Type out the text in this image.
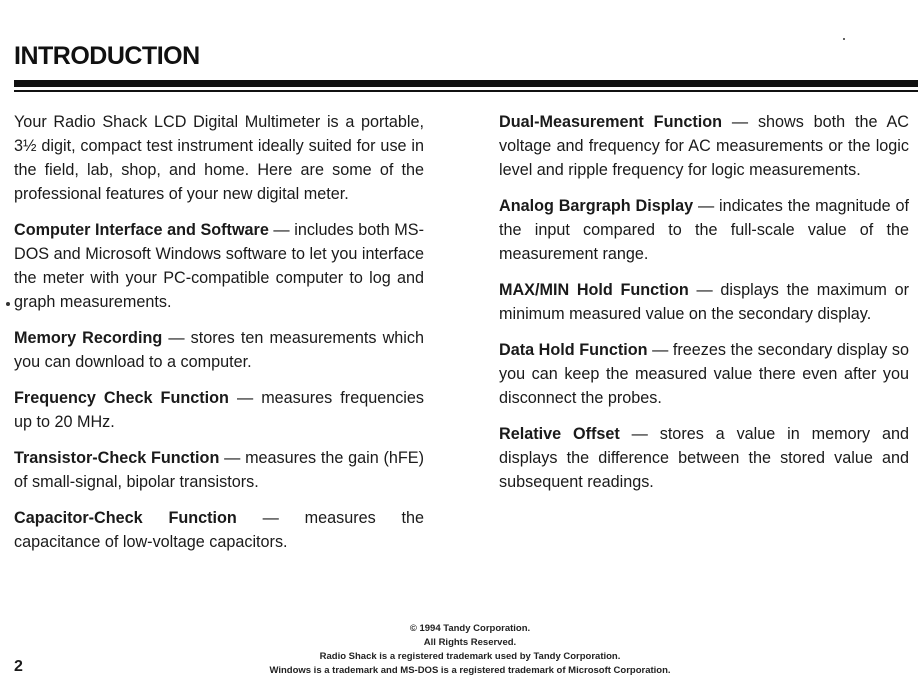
INTRODUCTION

Your Radio Shack LCD Digital Multimeter is a portable, 3½ digit, compact test instrument ideally suited for use in the field, lab, shop, and home. Here are some of the professional features of your new digital meter.

Computer Interface and Software — includes both MS-DOS and Microsoft Windows software to let you interface the meter with your PC-compatible computer to log and graph measurements.

Memory Recording — stores ten measurements which you can download to a computer.

Frequency Check Function — measures frequencies up to 20 MHz.

Transistor-Check Function — measures the gain (hFE) of small-signal, bipolar transistors.

Capacitor-Check Function — measures the capacitance of low-voltage capacitors.

Dual-Measurement Function — shows both the AC voltage and frequency for AC measurements or the logic level and ripple frequency for logic measurements.

Analog Bargraph Display — indicates the magnitude of the input compared to the full-scale value of the measurement range.

MAX/MIN Hold Function — displays the maximum or minimum measured value on the secondary display.

Data Hold Function — freezes the secondary display so you can keep the measured value there even after you disconnect the probes.

Relative Offset — stores a value in memory and displays the difference between the stored value and subsequent readings.

© 1994 Tandy Corporation.
All Rights Reserved.
Radio Shack is a registered trademark used by Tandy Corporation.
Windows is a trademark and MS-DOS is a registered trademark of Microsoft Corporation.
2
